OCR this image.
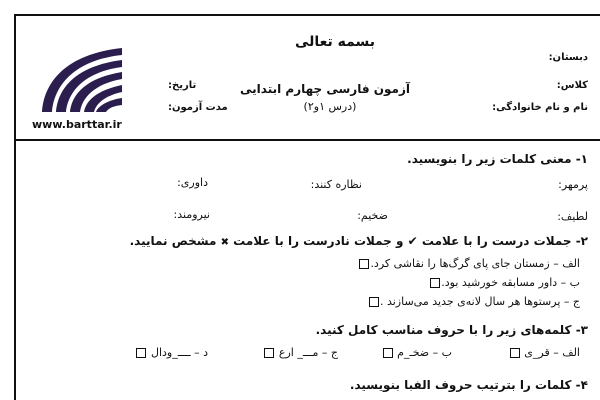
بسمه تعالی
دبستان:
کلاس:
نام و نام خانوادگی:
آزمون فارسی چهارم ابتدایی
(درس ۱و۲)
تاریخ:
مدت آزمون:
www.barttar.ir
۱- معنی کلمات زیر را بنویسید.
پرمهر:
نظاره کنند:
داوری:
لطیف:
ضخیم:
نیرومند:
۲- جملات درست را با علامت ✔ و جملات نادرست را با علامت ✖ مشخص نمایید.
الف – زمستان جای پای گرگ‌ها را نقاشی کرد.
ب – داور مسابقه خورشید بود.
ج – پرستوها هر سال لانه‌ی جدید می‌سازند .
۳- کلمه‌های زیر را با حروف مناسب کامل کنید.
الف – قر_ی
ب – ضخـ_م
ج – مـــ_ ارع
د – ــــ_ودال
۴- کلمات را بترتیب حروف الفبا بنویسید.
